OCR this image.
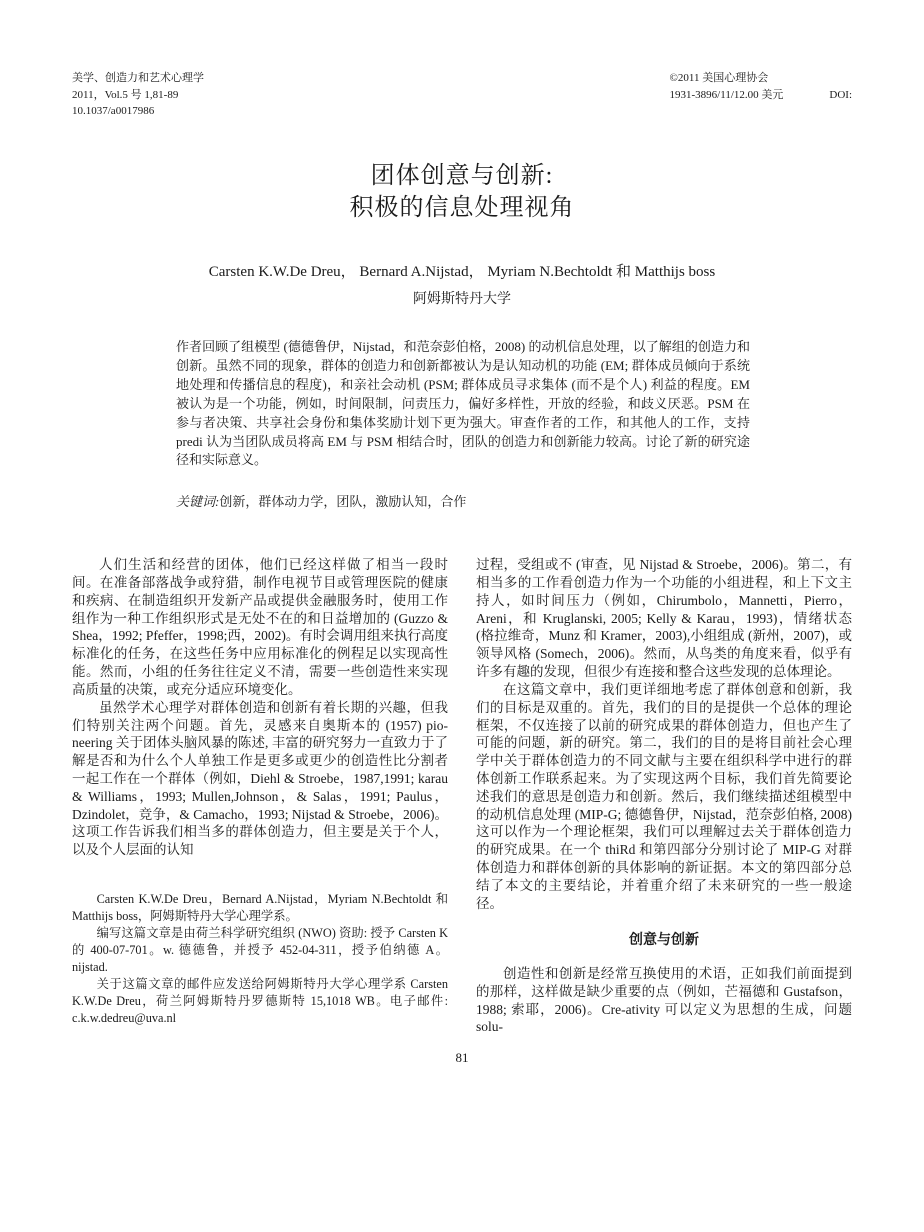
美学、创造力和艺术心理学
2011，Vol.5 号 1,81-89
10.1037/a0017986
©2011 美国心理协会
1931-3896/11/12.00 美元	DOI:
团体创意与创新:
积极的信息处理视角
Carsten K.W.De Dreu， Bernard A.Nijstad， Myriam N.Bechtoldt 和 Matthijs boss
阿姆斯特丹大学
作者回顾了组模型 (德德鲁伊，Nijstad，和范奈彭伯格，2008) 的动机信息处理，以了解组的创造力和创新。虽然不同的现象，群体的创造力和创新都被认为是认知动机的功能 (EM; 群体成员倾向于系统地处理和传播信息的程度)，和亲社会动机 (PSM; 群体成员寻求集体 (而不是个人) 利益的程度。EM 被认为是一个功能，例如，时间限制，问责压力，偏好多样性，开放的经验，和歧义厌恶。PSM 在参与者决策、共享社会身份和集体奖励计划下更为强大。审查作者的工作，和其他人的工作，支持 predi 认为当团队成员将高 EM 与 PSM 相结合时，团队的创造力和创新能力较高。讨论了新的研究途径和实际意义。
关键词:创新，群体动力学，团队，激励认知，合作

人们生活和经营的团体，他们已经这样做了相当一段时间。在准备部落战争或狩猎，制作电视节目或管理医院的健康和疾病、在制造组织开发新产品或提供金融服务时，使用工作组作为一种工作组织形式是无处不在的和日益增加的 (Guzzo & Shea，1992; Pfeffer，1998;西，2002)。有时会调用组来执行高度标准化的任务，在这些任务中应用标准化的例程足以实现高性能。然而，小组的任务往往定义不清，需要一些创造性来实现高质量的决策，或充分适应环境变化。

虽然学术心理学对群体创造和创新有着长期的兴趣，但我们特别关注两个问题。首先，灵感来自奥斯本的 (1957) pio-neering 关于团体头脑风暴的陈述, 丰富的研究努力一直致力于了解是否和为什么个人单独工作是更多或更少的创造性比分割者一起工作在一个群体（例如，Diehl & Stroebe，1987,1991; karau & Williams，1993; Mullen,Johnson，& Salas，1991; Paulus，Dzindolet，竞争，& Camacho，1993; Nijstad & Stroebe，2006)。这项工作告诉我们相当多的群体创造力，但主要是关于个人，以及个人层面的认知

Carsten K.W.De Dreu，Bernard A.Nijstad，Myriam N.Bechtoldt 和 Matthijs boss，阿姆斯特丹大学心理学系。

编写这篇文章是由荷兰科学研究组织 (NWO) 资助: 授予 Carsten K 的 400-07-701。w. 德德鲁，并授予 452-04-311，授予伯纳德 A。nijstad.

关于这篇文章的邮件应发送给阿姆斯特丹大学心理学系 Carsten K.W.De Dreu，荷兰阿姆斯特丹罗德斯特 15,1018 WB。电子邮件: c.k.w.dedreu@uva.nl

过程，受组或不 (审查，见 Nijstad & Stroebe，2006)。第二，有相当多的工作看创造力作为一个功能的小组进程，和上下文主持人，如时间压力（例如，Chirumbolo，Mannetti，Pierro，Areni，和 Kruglanski, 2005; Kelly & Karau，1993)，情绪状态 (格拉维奇，Munz 和 Kramer，2003),小组组成 (新州，2007)，或领导风格 (Somech，2006)。然而，从鸟类的角度来看，似乎有许多有趣的发现，但很少有连接和整合这些发现的总体理论。

在这篇文章中，我们更详细地考虑了群体创意和创新，我们的目标是双重的。首先，我们的目的是提供一个总体的理论框架，不仅连接了以前的研究成果的群体创造力，但也产生了可能的问题，新的研究。第二，我们的目的是将目前社会心理学中关于群体创造力的不同文献与主要在组织科学中进行的群体创新工作联系起来。为了实现这两个目标，我们首先简要论述我们的意思是创造力和创新。然后，我们继续描述组模型中的动机信息处理 (MIP-G; 德德鲁伊，Nijstad，范奈彭伯格, 2008) 这可以作为一个理论框架，我们可以理解过去关于群体创造力的研究成果。在一个 thiRd 和第四部分分别讨论了 MIP-G 对群体创造力和群体创新的具体影响的新证据。本文的第四部分总结了本文的主要结论，并着重介绍了未来研究的一些一般途径。

创意与创新

创造性和创新是经常互换使用的术语，正如我们前面提到的那样，这样做是缺少重要的点（例如，芒福德和 Gustafson，1988; 索耶，2006)。Cre-ativity 可以定义为思想的生成，问题 solu-

81
